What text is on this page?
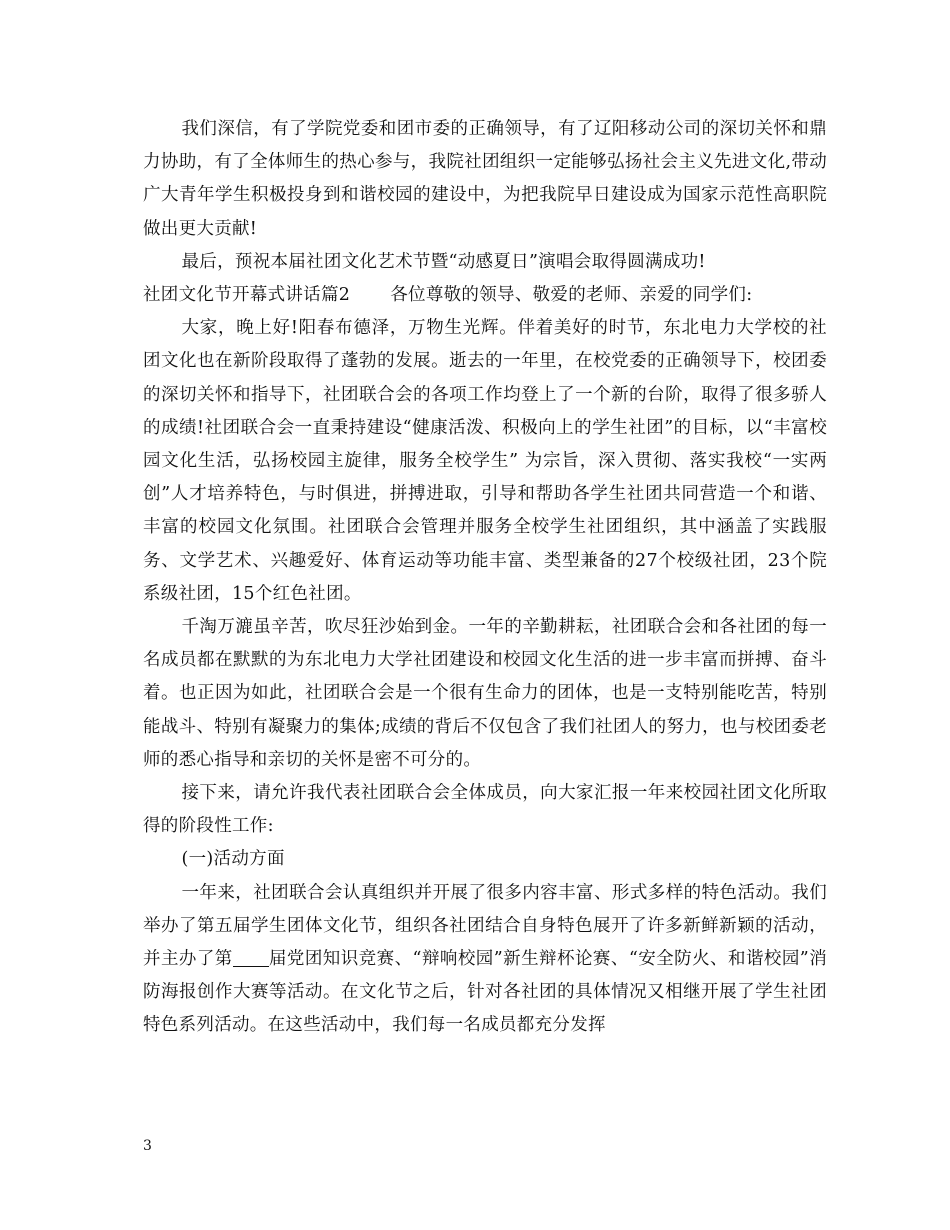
我们深信，有了学院党委和团市委的正确领导，有了辽阳移动公司的深切关怀和鼎力协助，有了全体师生的热心参与，我院社团组织一定能够弘扬社会主义先进文化,带动广大青年学生积极投身到和谐校园的建设中，为把我院早日建设成为国家示范性高职院做出更大贡献!

最后，预祝本届社团文化艺术节暨“动感夏日”演唱会取得圆满成功!

社团文化节开幕式讲话篇2 各位尊敬的领导、敬爱的老师、亲爱的同学们:

大家，晚上好!阳春布德泽，万物生光辉。伴着美好的时节，东北电力大学校的社团文化也在新阶段取得了蓬勃的发展。逝去的一年里，在校党委的正确领导下，校团委的深切关怀和指导下，社团联合会的各项工作均登上了一个新的台阶，取得了很多骄人的成绩!社团联合会一直秉持建设“健康活泼、积极向上的学生社团”的目标，以“丰富校园文化生活，弘扬校园主旋律，服务全校学生” 为宗旨，深入贯彻、落实我校“一实两创”人才培养特色，与时俱进，拼搏进取，引导和帮助各学生社团共同营造一个和谐、丰富的校园文化氛围。社团联合会管理并服务全校学生社团组织，其中涵盖了实践服务、文学艺术、兴趣爱好、体育运动等功能丰富、类型兼备的27个校级社团，23个院系级社团，15个红色社团。

千淘万漉虽辛苦，吹尽狂沙始到金。一年的辛勤耕耘，社团联合会和各社团的每一名成员都在默默的为东北电力大学社团建设和校园文化生活的进一步丰富而拼搏、奋斗着。也正因为如此，社团联合会是一个很有生命力的团体，也是一支特别能吃苦，特别能战斗、特别有凝聚力的集体;成绩的背后不仅包含了我们社团人的努力，也与校团委老师的悉心指导和亲切的关怀是密不可分的。

接下来，请允许我代表社团联合会全体成员，向大家汇报一年来校园社团文化所取得的阶段性工作:

(一)活动方面

一年来，社团联合会认真组织并开展了很多内容丰富、形式多样的特色活动。我们举办了第五届学生团体文化节，组织各社团结合自身特色展开了许多新鲜新颖的活动，并主办了第 届党团知识竞赛、“辩响校园”新生辩杯论赛、“安全防火、和谐校园”消防海报创作大赛等活动。在文化节之后，针对各社团的具体情况又相继开展了学生社团特色系列活动。在这些活动中，我们每一名成员都充分发挥

3
